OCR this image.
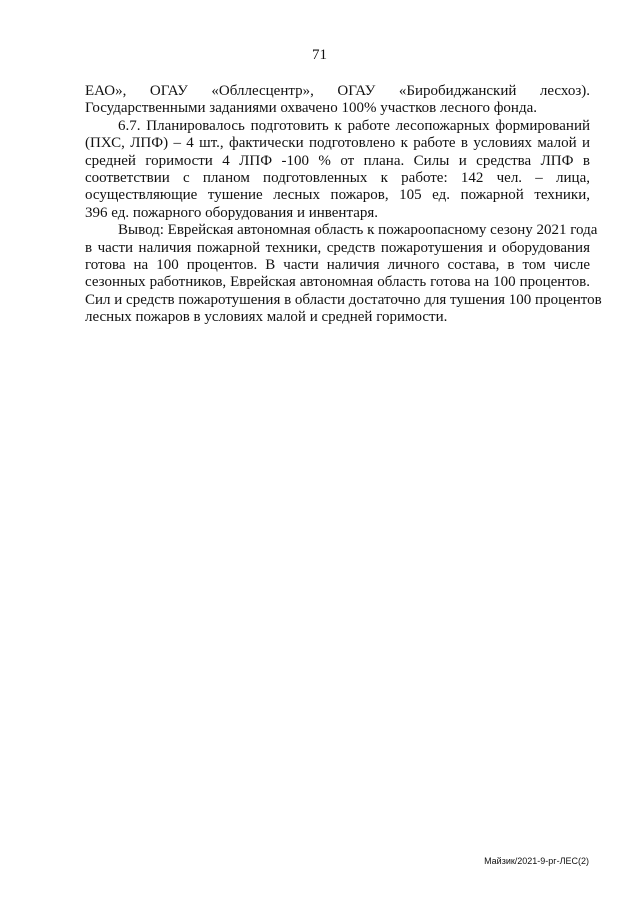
71

ЕАО», ОГАУ «Обллесцентр», ОГАУ «Биробиджанский лесхоз).
Государственными заданиями охвачено 100% участков лесного фонда.

6.7. Планировалось подготовить к работе лесопожарных формирований
(ПХС, ЛПФ) – 4 шт., фактически подготовлено к работе в условиях малой и
средней горимости 4 ЛПФ -100 % от плана. Силы и средства ЛПФ в
соответствии с планом подготовленных к работе: 142 чел. – лица,
осуществляющие тушение лесных пожаров, 105 ед. пожарной техники,
396 ед. пожарного оборудования и инвентаря.

Вывод: Еврейская автономная область к пожароопасному сезону 2021 года
в части наличия пожарной техники, средств пожаротушения и оборудования
готова на 100 процентов. В части наличия личного состава, в том числе
сезонных работников, Еврейская автономная область готова на 100 процентов.
Сил и средств пожаротушения в области достаточно для тушения 100 процентов
лесных пожаров в условиях малой и средней горимости.

Майзик/2021-9-рг-ЛЕС(2)
